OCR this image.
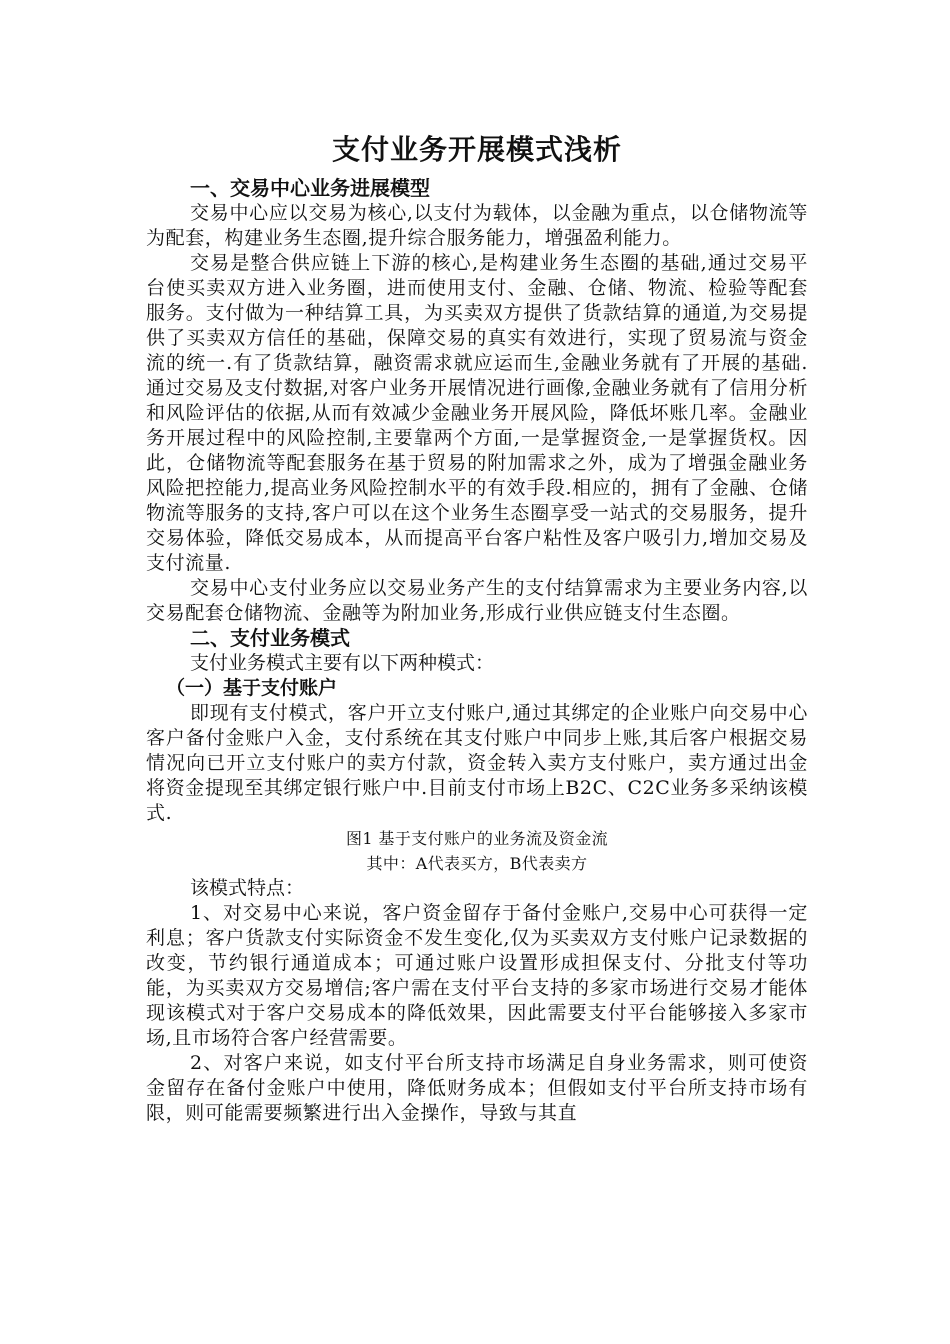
支付业务开展模式浅析
一、交易中心业务进展模型

交易中心应以交易为核心,以支付为载体，以金融为重点，以仓储物流等为配套，构建业务生态圈,提升综合服务能力，增强盈利能力。

交易是整合供应链上下游的核心,是构建业务生态圈的基础,通过交易平台使买卖双方进入业务圈，进而使用支付、金融、仓储、物流、检验等配套服务。支付做为一种结算工具，为买卖双方提供了货款结算的通道,为交易提供了买卖双方信任的基础，保障交易的真实有效进行，实现了贸易流与资金流的统一.有了货款结算，融资需求就应运而生,金融业务就有了开展的基础.通过交易及支付数据,对客户业务开展情况进行画像,金融业务就有了信用分析和风险评估的依据,从而有效减少金融业务开展风险，降低坏账几率。金融业务开展过程中的风险控制,主要靠两个方面,一是掌握资金,一是掌握货权。因此，仓储物流等配套服务在基于贸易的附加需求之外，成为了增强金融业务风险把控能力,提高业务风险控制水平的有效手段.相应的，拥有了金融、仓储物流等服务的支持,客户可以在这个业务生态圈享受一站式的交易服务，提升交易体验，降低交易成本，从而提高平台客户粘性及客户吸引力,增加交易及支付流量.

交易中心支付业务应以交易业务产生的支付结算需求为主要业务内容,以交易配套仓储物流、金融等为附加业务,形成行业供应链支付生态圈。

二、支付业务模式

支付业务模式主要有以下两种模式：

（一）基于支付账户

即现有支付模式，客户开立支付账户,通过其绑定的企业账户向交易中心客户备付金账户入金，支付系统在其支付账户中同步上账,其后客户根据交易情况向已开立支付账户的卖方付款，资金转入卖方支付账户，卖方通过出金将资金提现至其绑定银行账户中.目前支付市场上B2C、C2C业务多采纳该模式.

图1 基于支付账户的业务流及资金流

其中：A代表买方，B代表卖方

该模式特点：

1、对交易中心来说，客户资金留存于备付金账户,交易中心可获得一定利息；客户货款支付实际资金不发生变化,仅为买卖双方支付账户记录数据的改变，节约银行通道成本；可通过账户设置形成担保支付、分批支付等功能，为买卖双方交易增信;客户需在支付平台支持的多家市场进行交易才能体现该模式对于客户交易成本的降低效果，因此需要支付平台能够接入多家市场,且市场符合客户经营需要。

2、对客户来说，如支付平台所支持市场满足自身业务需求，则可使资金留存在备付金账户中使用，降低财务成本；但假如支付平台所支持市场有限，则可能需要频繁进行出入金操作，导致与其直
